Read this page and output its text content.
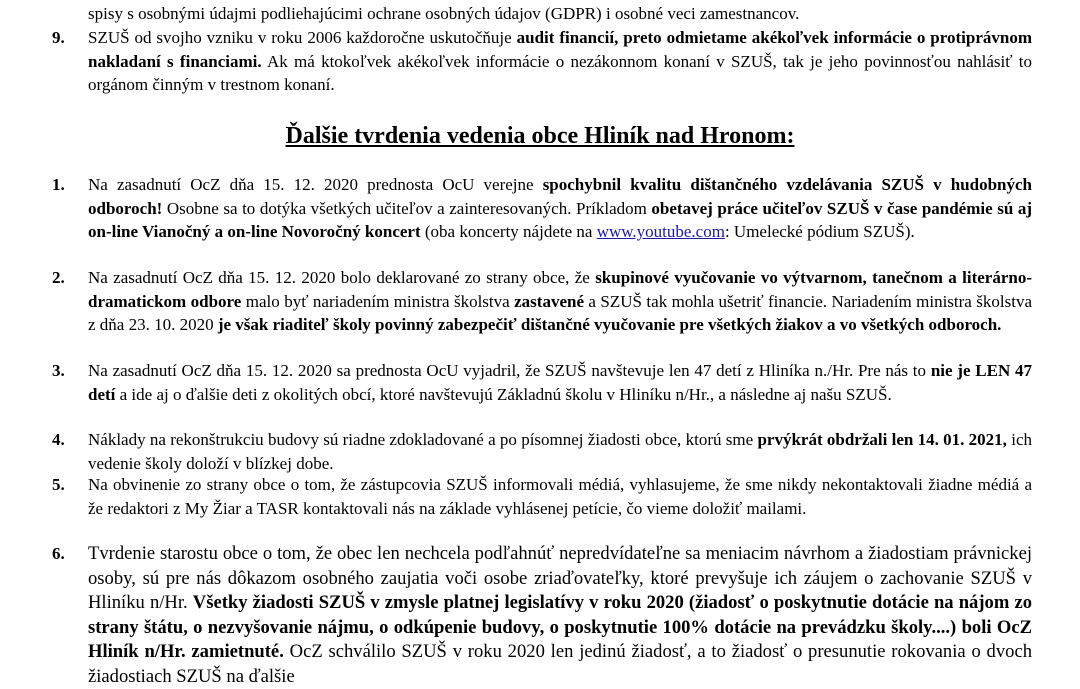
spisy s osobnými údajmi podliehajúcimi ochrane osobných údajov (GDPR) i osobné veci zamestnancov.

9.	SZUŠ od svojho vzniku v roku 2006 každoročne uskutočňuje audit financií, preto odmietame akékoľvek informácie o protiprávnom nakladaní s financiami. Ak má ktokoľvek akékoľvek informácie o nezákonnom konaní v SZUŠ, tak je jeho povinnosťou nahlásiť to orgánom činným v trestnom konaní.

Ďalšie tvrdenia vedenia obce Hliník nad Hronom:
1.	Na zasadnutí OcZ dňa 15. 12. 2020 prednosta OcU verejne spochybnil kvalitu dištančného vzdelávania SZUŠ v hudobných odboroch! Osobne sa to dotýka všetkých učiteľov a zainteresovaných. Príkladom obetavej práce učiteľov SZUŠ v čase pandémie sú aj on-line Vianočný a on-line Novoročný koncert (oba koncerty nájdete na www.youtube.com: Umelecké pódium SZUŠ).

2.	Na zasadnutí OcZ dňa 15. 12. 2020 bolo deklarované zo strany obce, že skupinové vyučovanie vo výtvarnom, tanečnom a literárno-dramatickom odbore malo byť nariadením ministra školstva zastavené a SZUŠ tak mohla ušetriť financie. Nariadením ministra školstva z dňa 23. 10. 2020 je však riaditeľ školy povinný zabezpečiť dištančné vyučovanie pre všetkých žiakov a vo všetkých odboroch.

3.	Na zasadnutí OcZ dňa 15. 12. 2020 sa prednosta OcU vyjadril, že SZUŠ navštevuje len 47 detí z Hliníka n./Hr. Pre nás to nie je LEN 47 detí a ide aj o ďalšie deti z okolitých obcí, ktoré navštevujú Základnú školu v Hliníku n/Hr., a následne aj našu SZUŠ.

4.	Náklady na rekonštrukciu budovy sú riadne zdokladované a po písomnej žiadosti obce, ktorú sme prvýkrát obdržali len 14. 01. 2021, ich vedenie školy doloží v blízkej dobe.

5.	Na obvinenie zo strany obce o tom, že zástupcovia SZUŠ informovali médiá, vyhlasujeme, že sme nikdy nekontaktovali žiadne médiá a že redaktori z My Žiar a TASR kontaktovali nás na základe vyhlásenej petície, čo vieme doložiť mailami.

6.	Tvrdenie starostu obce o tom, že obec len nechcela podľahnúť nepredvídateľne sa meniacim návrhom a žiadostiam právnickej osoby, sú pre nás dôkazom osobného zaujatia voči osobe zriaďovateľky, ktoré prevyšuje ich záujem o zachovanie SZUŠ v Hliníku n/Hr. Všetky žiadosti SZUŠ v zmysle platnej legislatívy v roku 2020 (žiadosť o poskytnutie dotácie na nájom zo strany štátu, o nezvyšovanie nájmu, o odkúpenie budovy, o poskytnutie 100% dotácie na prevádzku školy....) boli OcZ Hliník n/Hr. zamietnuté. OcZ schválilo SZUŠ v roku 2020 len jedinú žiadosť, a to žiadosť o presunutie rokovania o dvoch žiadostiach SZUŠ na ďalšie
